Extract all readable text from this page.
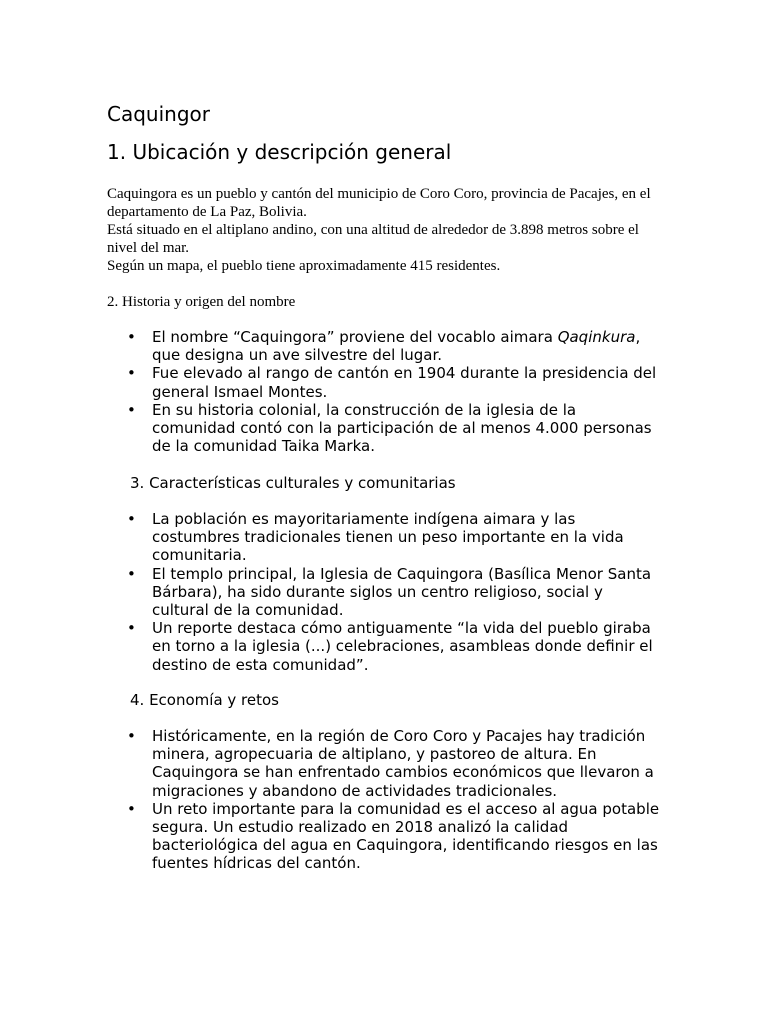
Caquingor
1. Ubicación y descripción general

Caquingora es un pueblo y cantón del municipio de Coro Coro, provincia de Pacajes, en el departamento de La Paz, Bolivia.

Está situado en el altiplano andino, con una altitud de alrededor de 3.898 metros sobre el nivel del mar.

Según un mapa, el pueblo tiene aproximadamente 415 residentes.

2. Historia y origen del nombre
• El nombre “Caquingora” proviene del vocablo aimara Qaqinkura, que designa un ave silvestre del lugar.
• Fue elevado al rango de cantón en 1904 durante la presidencia del general Ismael Montes.
• En su historia colonial, la construcción de la iglesia de la comunidad contó con la participación de al menos 4.000 personas de la comunidad Taika Marka.
3. Características culturales y comunitarias
• La población es mayoritariamente indígena aimara y las costumbres tradicionales tienen un peso importante en la vida comunitaria.
• El templo principal, la Iglesia de Caquingora (Basílica Menor Santa Bárbara), ha sido durante siglos un centro religioso, social y cultural de la comunidad.
• Un reporte destaca cómo antiguamente “la vida del pueblo giraba en torno a la iglesia (...) celebraciones, asambleas donde definir el destino de esta comunidad”.
4. Economía y retos
• Históricamente, en la región de Coro Coro y Pacajes hay tradición minera, agropecuaria de altiplano, y pastoreo de altura. En Caquingora se han enfrentado cambios económicos que llevaron a migraciones y abandono de actividades tradicionales.
• Un reto importante para la comunidad es el acceso al agua potable segura. Un estudio realizado en 2018 analizó la calidad bacteriológica del agua en Caquingora, identificando riesgos en las fuentes hídricas del cantón.
